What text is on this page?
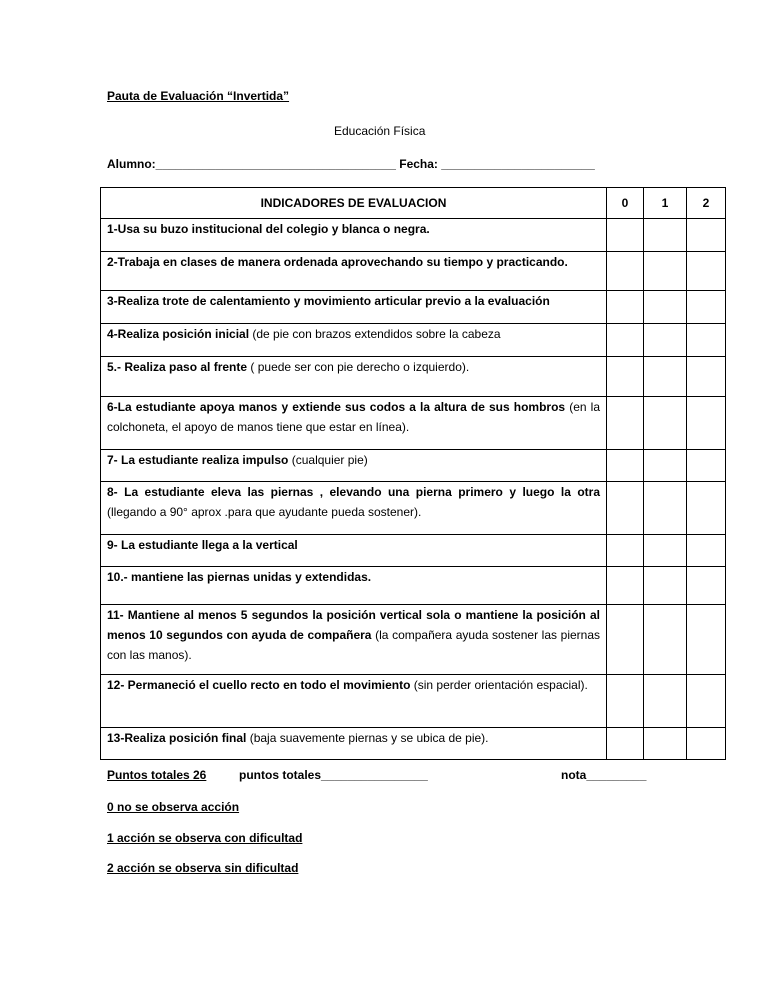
Pauta de Evaluación “Invertida”
Educación Física
Alumno:____________________________________ Fecha: _______________________
INDICADORES DE EVALUACION	0	1	2
1-Usa su buzo institucional del colegio y blanca o negra.			
2-Trabaja en clases de manera ordenada aprovechando su tiempo y practicando.			
3-Realiza trote de calentamiento y movimiento articular previo a la evaluación			
4-Realiza posición inicial (de pie con brazos extendidos sobre la cabeza			
5.- Realiza paso al frente ( puede ser con pie derecho o izquierdo).			
6-La estudiante apoya manos y extiende sus codos a la altura de sus hombros (en la colchoneta, el apoyo de manos tiene que estar en línea).			
7- La estudiante realiza impulso (cualquier pie)			
8- La estudiante eleva las piernas , elevando una pierna primero y luego la otra (llegando a 90° aprox .para que ayudante pueda sostener).			
9- La estudiante llega a la vertical			
10.- mantiene las piernas unidas y extendidas.			
11- Mantiene al menos 5 segundos la posición vertical sola o mantiene la posición al menos 10 segundos con ayuda de compañera (la compañera ayuda sostener las piernas con las manos).			
12- Permaneció el cuello recto en todo el movimiento (sin perder orientación espacial).			
13-Realiza posición final (baja suavemente piernas y se ubica de pie).			
Puntos totales 26	puntos totales________________	nota_________
0 no se observa acción
1 acción se observa con dificultad
2 acción se observa sin dificultad
